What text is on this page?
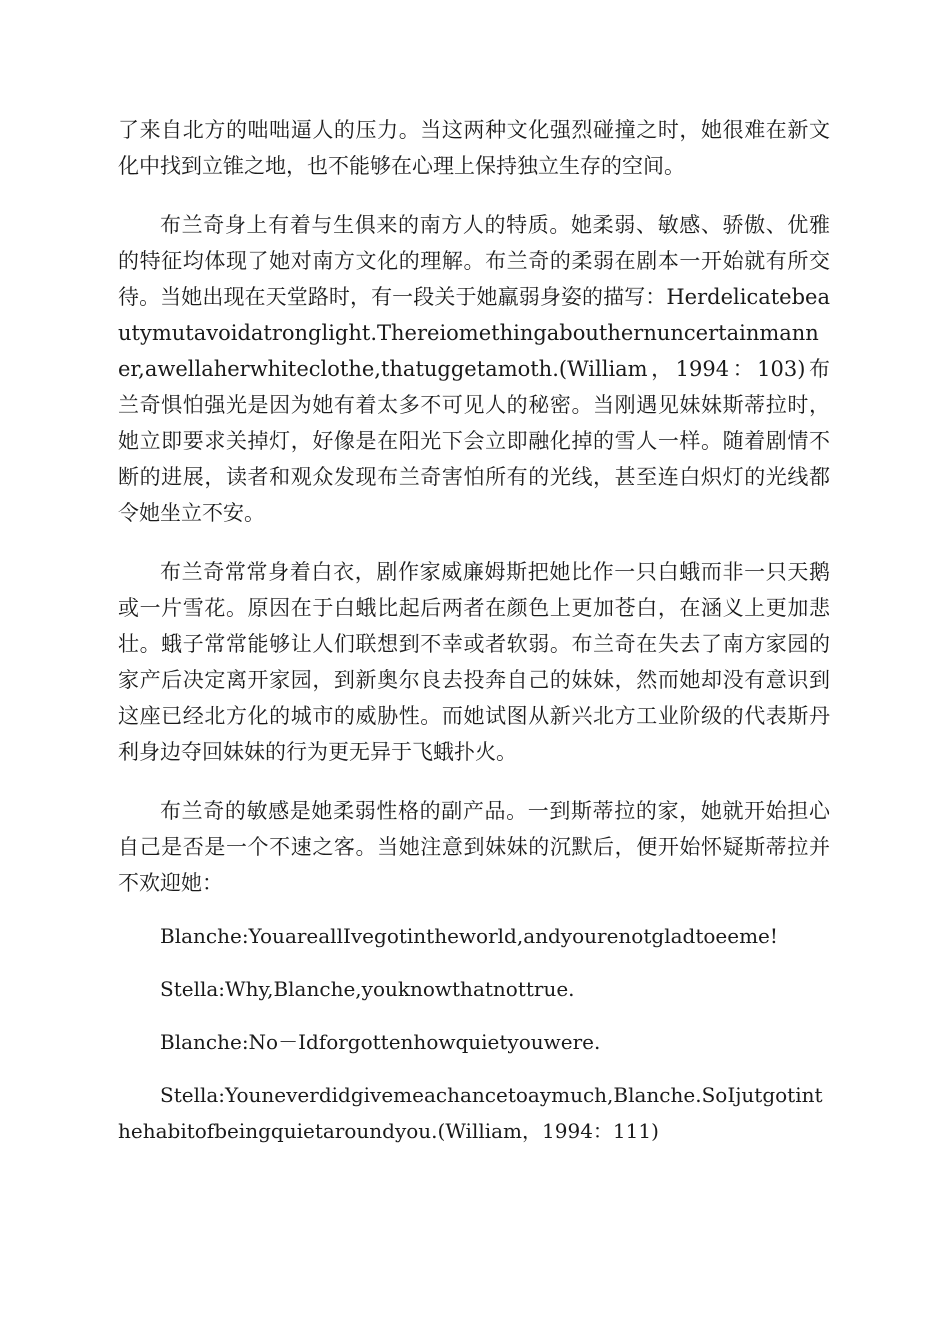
了来自北方的咄咄逼人的压力。当这两种文化强烈碰撞之时，她很难在新文化中找到立锥之地，也不能够在心理上保持独立生存的空间。

布兰奇身上有着与生俱来的南方人的特质。她柔弱、敏感、骄傲、优雅的特征均体现了她对南方文化的理解。布兰奇的柔弱在剧本一开始就有所交待。当她出现在天堂路时，有一段关于她羸弱身姿的描写：Herdelicatebeautymutavoidatronglight.Thereiomethingabouthernuncertainmanner,awellaherwhiteclothe,thatuggetamoth.(William，1994：103)布兰奇惧怕强光是因为她有着太多不可见人的秘密。当刚遇见妹妹斯蒂拉时，她立即要求关掉灯，好像是在阳光下会立即融化掉的雪人一样。随着剧情不断的进展，读者和观众发现布兰奇害怕所有的光线，甚至连白炽灯的光线都令她坐立不安。

布兰奇常常身着白衣，剧作家威廉姆斯把她比作一只白蛾而非一只天鹅或一片雪花。原因在于白蛾比起后两者在颜色上更加苍白，在涵义上更加悲壮。蛾子常常能够让人们联想到不幸或者软弱。布兰奇在失去了南方家园的家产后决定离开家园，到新奥尔良去投奔自己的妹妹，然而她却没有意识到这座已经北方化的城市的威胁性。而她试图从新兴北方工业阶级的代表斯丹利身边夺回妹妹的行为更无异于飞蛾扑火。

布兰奇的敏感是她柔弱性格的副产品。一到斯蒂拉的家，她就开始担心自己是否是一个不速之客。当她注意到妹妹的沉默后，便开始怀疑斯蒂拉并不欢迎她：

Blanche:YouareallIvegotintheworld,andyourenotgladtoeeme!

Stella:Why,Blanche,youknowthatnottrue.

Blanche:No－Idforgottenhowquietyouwere.

Stella:Youneverdidgivemeachancetoaymuch,Blanche.SoIjutgotinthehabitofbeingquietaroundyou.(William，1994：111)
